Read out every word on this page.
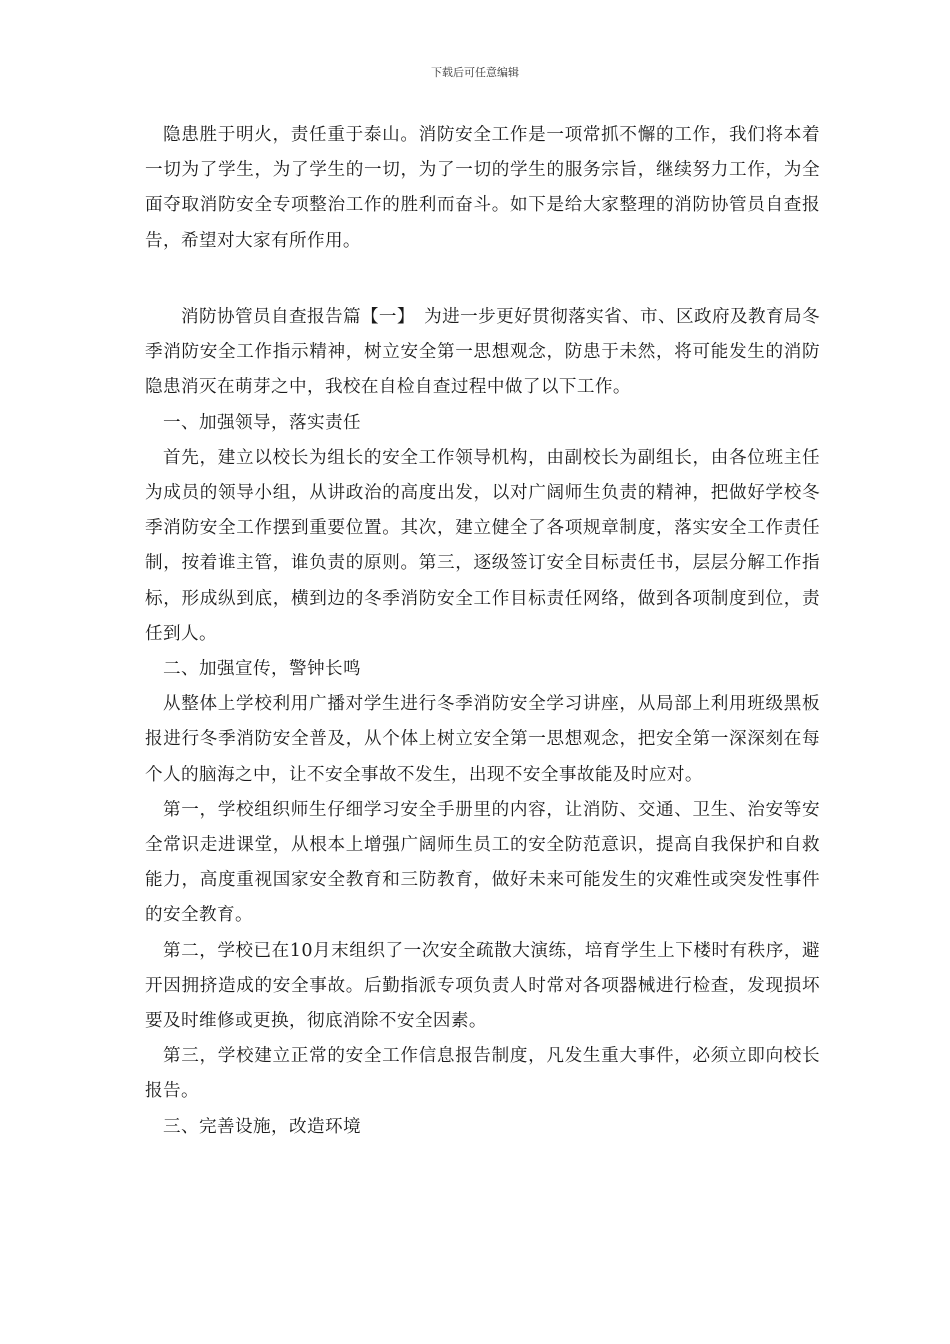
下载后可任意编辑

隐患胜于明火，责任重于泰山。消防安全工作是一项常抓不懈的工作，我们将本着一切为了学生，为了学生的一切，为了一切的学生的服务宗旨，继续努力工作，为全面夺取消防安全专项整治工作的胜利而奋斗。如下是给大家整理的消防协管员自查报告，希望对大家有所作用。

消防协管员自查报告篇【一】　为进一步更好贯彻落实省、市、区政府及教育局冬季消防安全工作指示精神，树立安全第一思想观念，防患于未然，将可能发生的消防隐患消灭在萌芽之中，我校在自检自查过程中做了以下工作。

一、加强领导，落实责任

首先，建立以校长为组长的安全工作领导机构，由副校长为副组长，由各位班主任为成员的领导小组，从讲政治的高度出发，以对广阔师生负责的精神，把做好学校冬季消防安全工作摆到重要位置。其次，建立健全了各项规章制度，落实安全工作责任制，按着谁主管，谁负责的原则。第三，逐级签订安全目标责任书，层层分解工作指标，形成纵到底，横到边的冬季消防安全工作目标责任网络，做到各项制度到位，责任到人。

二、加强宣传，警钟长鸣

从整体上学校利用广播对学生进行冬季消防安全学习讲座，从局部上利用班级黑板报进行冬季消防安全普及，从个体上树立安全第一思想观念，把安全第一深深刻在每个人的脑海之中，让不安全事故不发生，出现不安全事故能及时应对。

第一，学校组织师生仔细学习安全手册里的内容，让消防、交通、卫生、治安等安全常识走进课堂，从根本上增强广阔师生员工的安全防范意识，提高自我保护和自救能力，高度重视国家安全教育和三防教育，做好未来可能发生的灾难性或突发性事件的安全教育。

第二，学校已在10月末组织了一次安全疏散大演练，培育学生上下楼时有秩序，避开因拥挤造成的安全事故。后勤指派专项负责人时常对各项器械进行检查，发现损坏要及时维修或更换，彻底消除不安全因素。

第三，学校建立正常的安全工作信息报告制度，凡发生重大事件，必须立即向校长报告。

三、完善设施，改造环境
